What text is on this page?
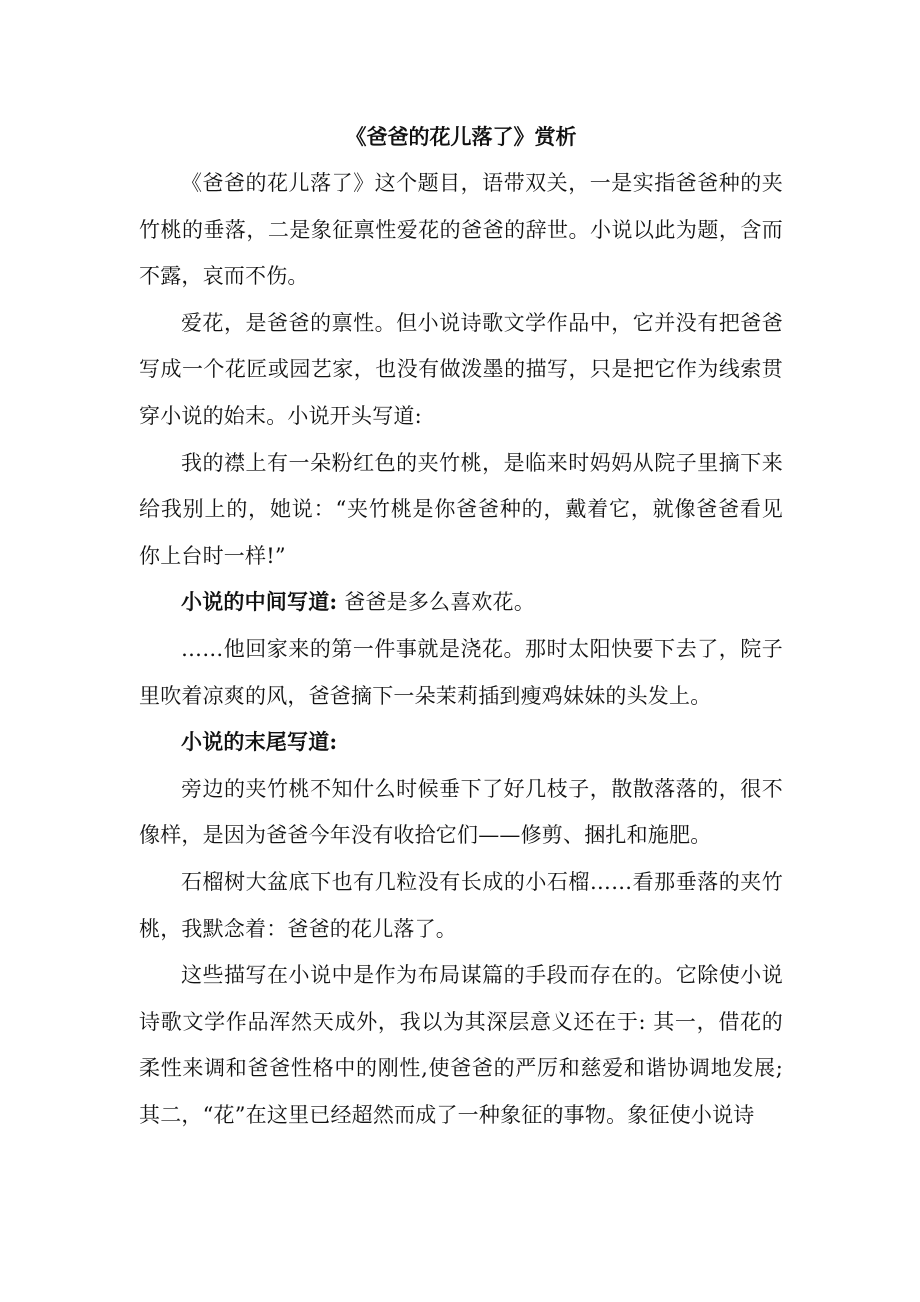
《爸爸的花儿落了》赏析

《爸爸的花儿落了》这个题目，语带双关，一是实指爸爸种的夹竹桃的垂落，二是象征禀性爱花的爸爸的辞世。小说以此为题，含而不露，哀而不伤。

爱花，是爸爸的禀性。但小说诗歌文学作品中，它并没有把爸爸写成一个花匠或园艺家，也没有做泼墨的描写，只是把它作为线索贯穿小说的始末。小说开头写道:

我的襟上有一朵粉红色的夹竹桃，是临来时妈妈从院子里摘下来给我别上的，她说：“夹竹桃是你爸爸种的，戴着它，就像爸爸看见你上台时一样!”

小说的中间写道: 爸爸是多么喜欢花。

……他回家来的第一件事就是浇花。那时太阳快要下去了，院子里吹着凉爽的风，爸爸摘下一朵茉莉插到瘦鸡妹妹的头发上。

小说的末尾写道:

旁边的夹竹桃不知什么时候垂下了好几枝子，散散落落的，很不像样，是因为爸爸今年没有收拾它们——修剪、捆扎和施肥。

石榴树大盆底下也有几粒没有长成的小石榴……看那垂落的夹竹桃，我默念着：爸爸的花儿落了。

这些描写在小说中是作为布局谋篇的手段而存在的。它除使小说诗歌文学作品浑然天成外，我以为其深层意义还在于: 其一，借花的柔性来调和爸爸性格中的刚性,使爸爸的严厉和慈爱和谐协调地发展;其二，“花”在这里已经超然而成了一种象征的事物。象征使小说诗
